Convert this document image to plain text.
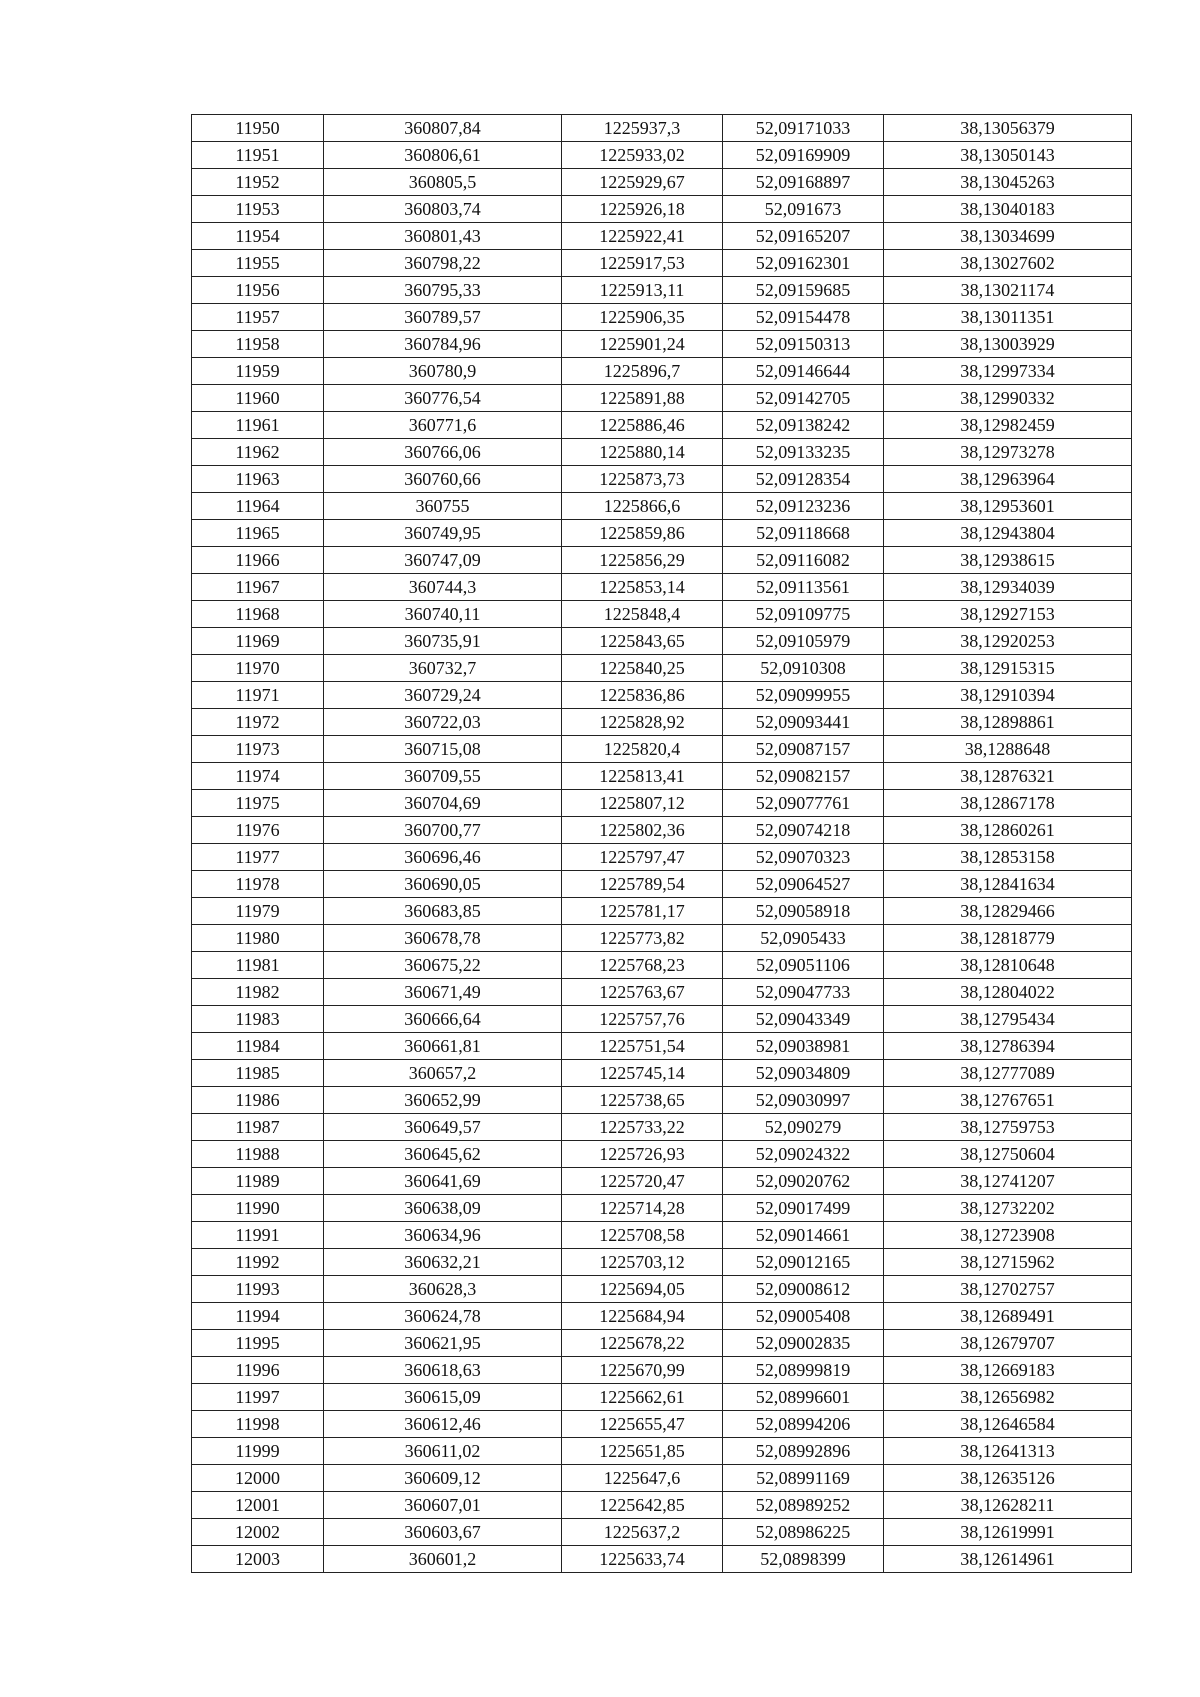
11950	360807,84	1225937,3	52,09171033	38,13056379
11951	360806,61	1225933,02	52,09169909	38,13050143
11952	360805,5	1225929,67	52,09168897	38,13045263
11953	360803,74	1225926,18	52,091673	38,13040183
11954	360801,43	1225922,41	52,09165207	38,13034699
11955	360798,22	1225917,53	52,09162301	38,13027602
11956	360795,33	1225913,11	52,09159685	38,13021174
11957	360789,57	1225906,35	52,09154478	38,13011351
11958	360784,96	1225901,24	52,09150313	38,13003929
11959	360780,9	1225896,7	52,09146644	38,12997334
11960	360776,54	1225891,88	52,09142705	38,12990332
11961	360771,6	1225886,46	52,09138242	38,12982459
11962	360766,06	1225880,14	52,09133235	38,12973278
11963	360760,66	1225873,73	52,09128354	38,12963964
11964	360755	1225866,6	52,09123236	38,12953601
11965	360749,95	1225859,86	52,09118668	38,12943804
11966	360747,09	1225856,29	52,09116082	38,12938615
11967	360744,3	1225853,14	52,09113561	38,12934039
11968	360740,11	1225848,4	52,09109775	38,12927153
11969	360735,91	1225843,65	52,09105979	38,12920253
11970	360732,7	1225840,25	52,0910308	38,12915315
11971	360729,24	1225836,86	52,09099955	38,12910394
11972	360722,03	1225828,92	52,09093441	38,12898861
11973	360715,08	1225820,4	52,09087157	38,1288648
11974	360709,55	1225813,41	52,09082157	38,12876321
11975	360704,69	1225807,12	52,09077761	38,12867178
11976	360700,77	1225802,36	52,09074218	38,12860261
11977	360696,46	1225797,47	52,09070323	38,12853158
11978	360690,05	1225789,54	52,09064527	38,12841634
11979	360683,85	1225781,17	52,09058918	38,12829466
11980	360678,78	1225773,82	52,0905433	38,12818779
11981	360675,22	1225768,23	52,09051106	38,12810648
11982	360671,49	1225763,67	52,09047733	38,12804022
11983	360666,64	1225757,76	52,09043349	38,12795434
11984	360661,81	1225751,54	52,09038981	38,12786394
11985	360657,2	1225745,14	52,09034809	38,12777089
11986	360652,99	1225738,65	52,09030997	38,12767651
11987	360649,57	1225733,22	52,090279	38,12759753
11988	360645,62	1225726,93	52,09024322	38,12750604
11989	360641,69	1225720,47	52,09020762	38,12741207
11990	360638,09	1225714,28	52,09017499	38,12732202
11991	360634,96	1225708,58	52,09014661	38,12723908
11992	360632,21	1225703,12	52,09012165	38,12715962
11993	360628,3	1225694,05	52,09008612	38,12702757
11994	360624,78	1225684,94	52,09005408	38,12689491
11995	360621,95	1225678,22	52,09002835	38,12679707
11996	360618,63	1225670,99	52,08999819	38,12669183
11997	360615,09	1225662,61	52,08996601	38,12656982
11998	360612,46	1225655,47	52,08994206	38,12646584
11999	360611,02	1225651,85	52,08992896	38,12641313
12000	360609,12	1225647,6	52,08991169	38,12635126
12001	360607,01	1225642,85	52,08989252	38,12628211
12002	360603,67	1225637,2	52,08986225	38,12619991
12003	360601,2	1225633,74	52,0898399	38,12614961
